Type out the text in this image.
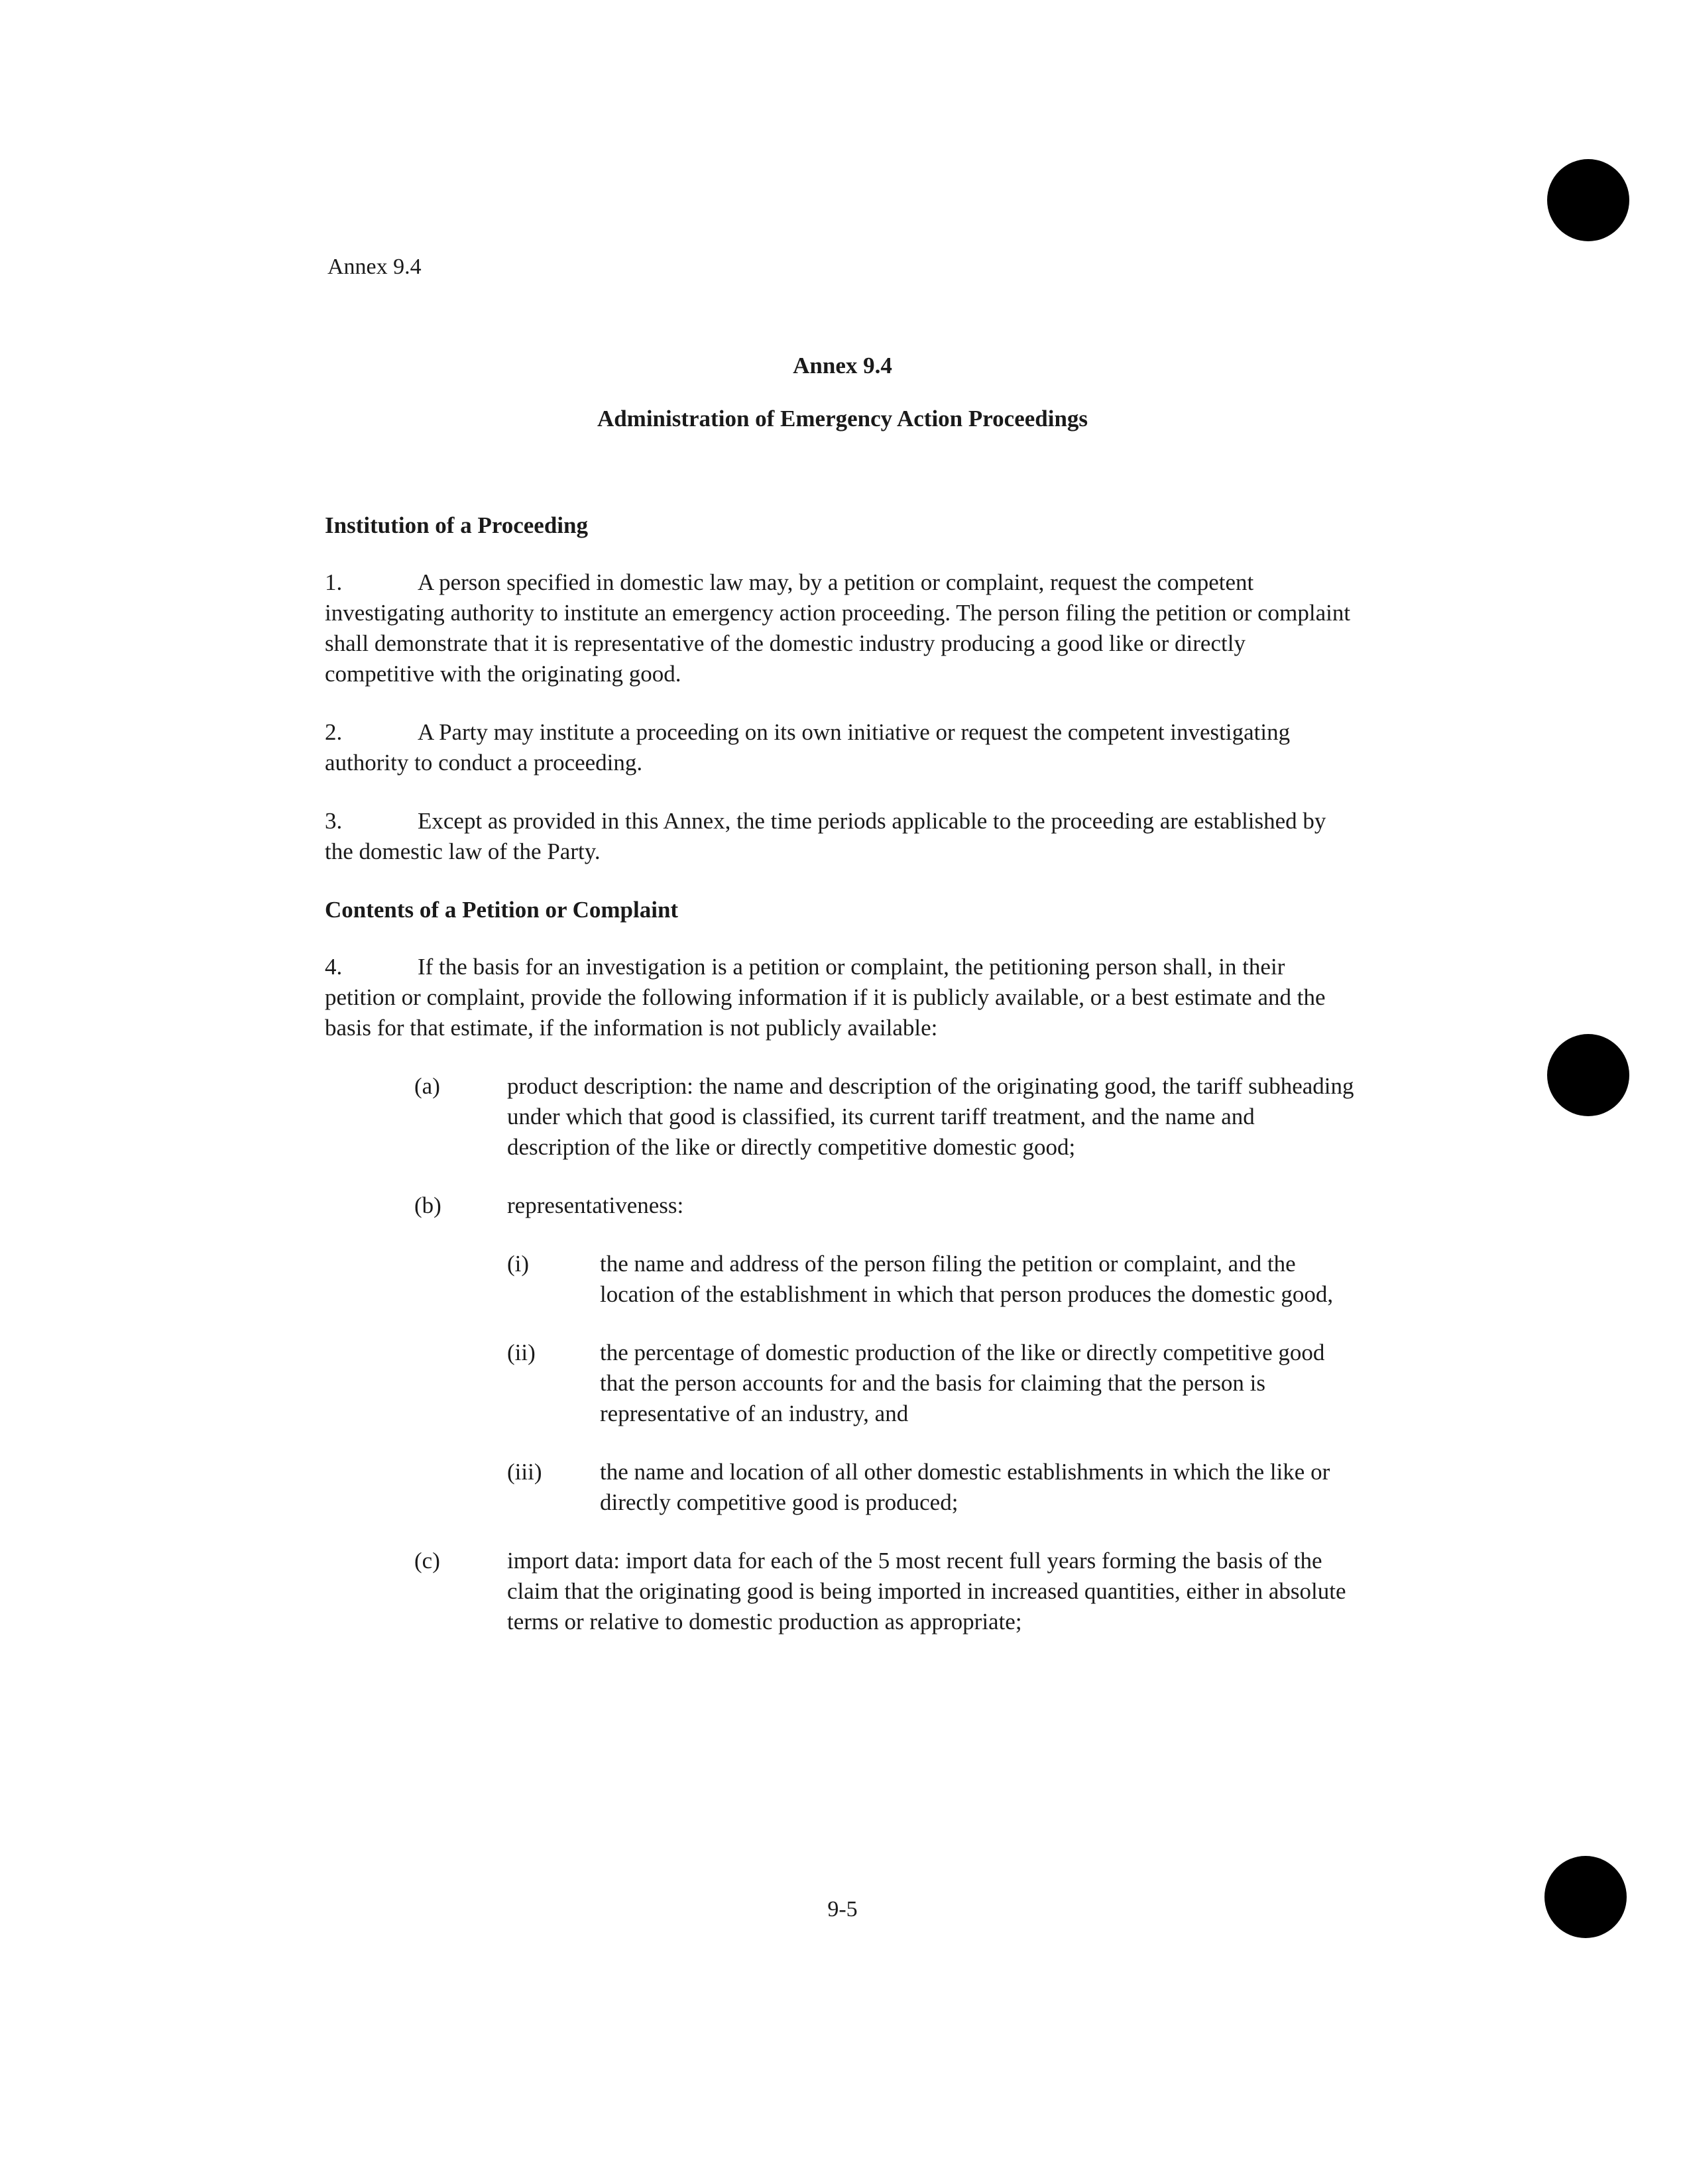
Annex 9.4
Annex 9.4
Administration of Emergency Action Proceedings
Institution of a Proceeding
1.	A person specified in domestic law may, by a petition or complaint, request the competent investigating authority to institute an emergency action proceeding. The person filing the petition or complaint shall demonstrate that it is representative of the domestic industry producing a good like or directly competitive with the originating good.
2.	A Party may institute a proceeding on its own initiative or request the competent investigating authority to conduct a proceeding.
3.	Except as provided in this Annex, the time periods applicable to the proceeding are established by the domestic law of the Party.
Contents of a Petition or Complaint
4.	If the basis for an investigation is a petition or complaint, the petitioning person shall, in their petition or complaint, provide the following information if it is publicly available, or a best estimate and the basis for that estimate, if the information is not publicly available:
(a)	product description: the name and description of the originating good, the tariff subheading under which that good is classified, its current tariff treatment, and the name and description of the like or directly competitive domestic good;
(b)	representativeness:
(i)	the name and address of the person filing the petition or complaint, and the location of the establishment in which that person produces the domestic good,
(ii)	the percentage of domestic production of the like or directly competitive good that the person accounts for and the basis for claiming that the person is representative of an industry, and
(iii)	the name and location of all other domestic establishments in which the like or directly competitive good is produced;
(c)	import data: import data for each of the 5 most recent full years forming the basis of the claim that the originating good is being imported in increased quantities, either in absolute terms or relative to domestic production as appropriate;
9-5
